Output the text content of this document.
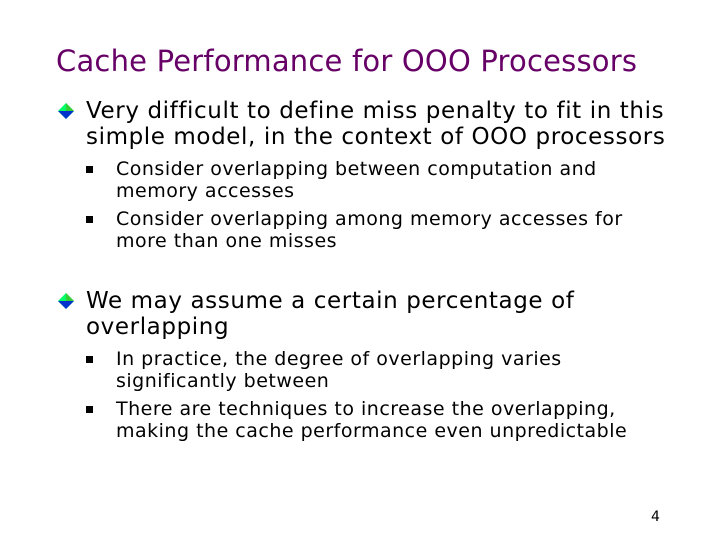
Cache Performance for OOO Processors
Very difficult to define miss penalty to fit in this simple model, in the context of OOO processors
Consider overlapping between computation and memory accesses
Consider overlapping among memory accesses for more than one misses
We may assume a certain percentage of overlapping
In practice, the degree of overlapping varies significantly between
There are techniques to increase the overlapping, making the cache performance even unpredictable
4
